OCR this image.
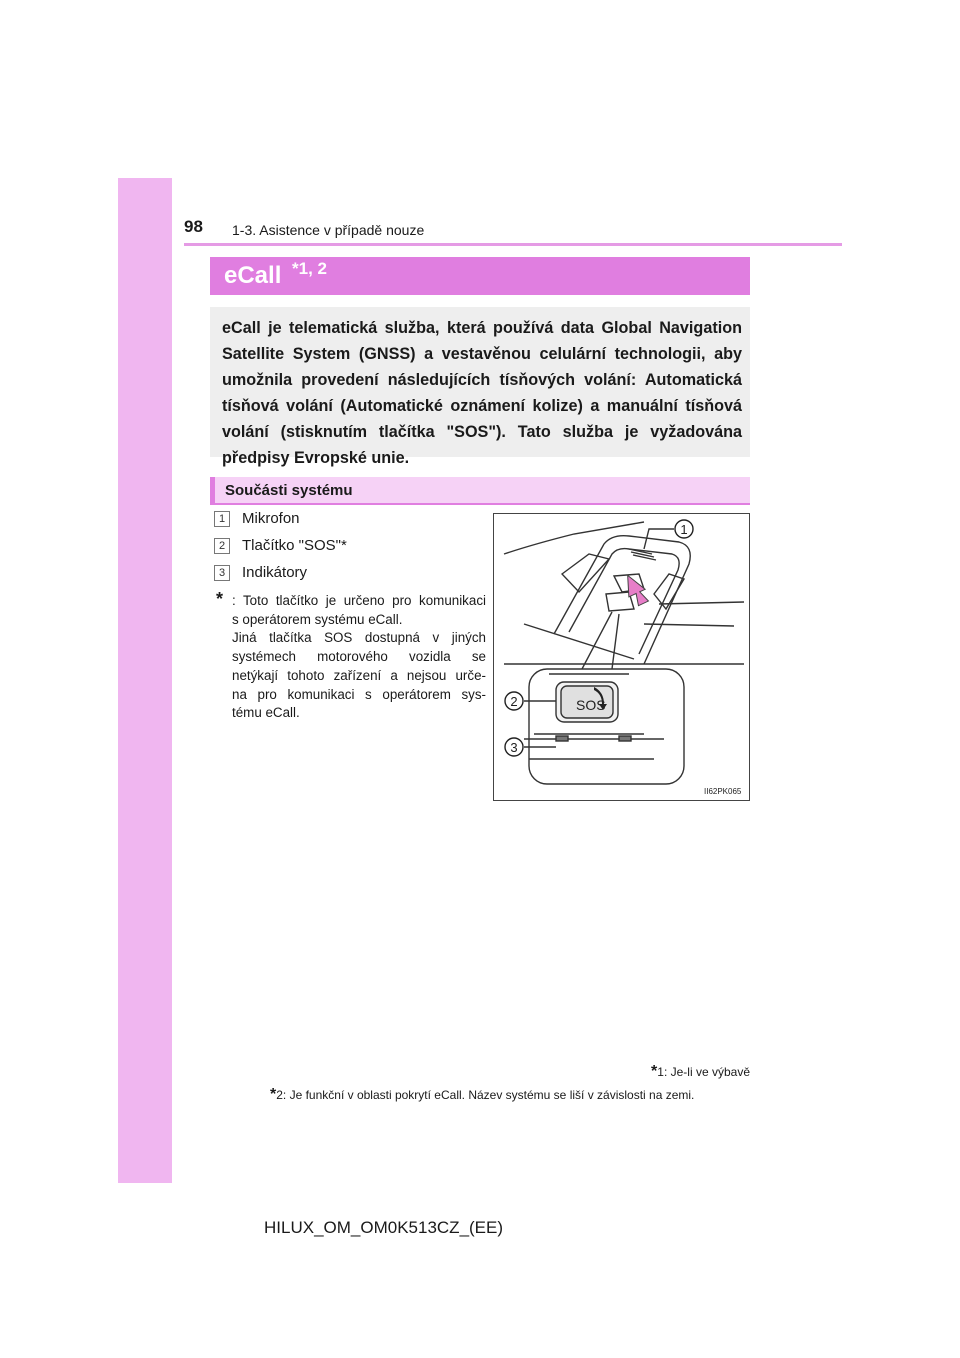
98 1-3. Asistence v případě nouze
eCall *1, 2
eCall je telematická služba, která používá data Global Navigation
Satellite System (GNSS) a vestavěnou celulární technologii, aby
umožnila provedení následujících tísňových volání: Automatická
tísňová volání (Automatické oznámení kolize) a manuální tísňová
volání (stisknutím tlačítka "SOS"). Tato služba je vyžadována
předpisy Evropské unie.
Součásti systému
1	Mikrofon
2	Tlačítko "SOS"*
3	Indikátory
* : Toto tlačítko je určeno pro komunikaci
s operátorem systému eCall.
Jiná tlačítka SOS dostupná v jiných
systémech motorového vozidla se
netýkají tohoto zařízení a nejsou urče-
na pro komunikaci s operátorem sys-
tému eCall.
1
2
3
SOS
II62PK065
*1: Je-li ve výbavě
*2: Je funkční v oblasti pokrytí eCall. Název systému se liší v závislosti na zemi.
HILUX_OM_OM0K513CZ_(EE)
